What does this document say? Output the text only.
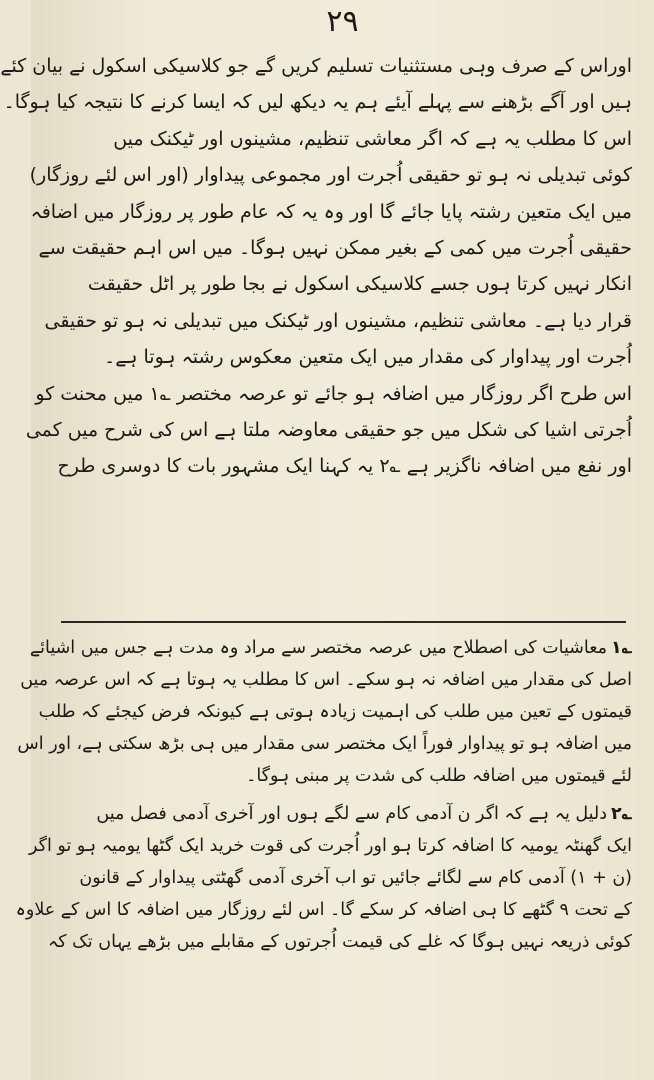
۲۹
اوراس کے صرف وہی مستثنیات تسلیم کریں گے جو کلاسیکی اسکول نے بیان کئے
ہیں اور آگے بڑھنے سے پہلے آیئے ہم یہ دیکھ لیں کہ ایسا کرنے کا نتیجہ کیا ہوگا۔
اس کا مطلب یہ ہے کہ اگر معاشی تنظیم، مشینوں اور ٹیکنک میں
کوئی تبدیلی نہ ہو تو حقیقی اُجرت اور مجموعی پیداوار (اور اس لئے روزگار)
میں ایک متعین رشتہ پایا جائے گا اور وہ یہ کہ عام طور پر روزگار میں اضافہ
حقیقی اُجرت میں کمی کے بغیر ممکن نہیں ہوگا۔ میں اس اہم حقیقت سے
انکار نہیں کرتا ہوں جسے کلاسیکی اسکول نے بجا طور پر اٹل حقیقت
قرار دیا ہے۔ معاشی تنظیم، مشینوں اور ٹیکنک میں تبدیلی نہ ہو تو حقیقی
اُجرت اور پیداوار کی مقدار میں ایک متعین معکوس رشتہ ہوتا ہے۔
اس طرح اگر روزگار میں اضافہ ہو جائے تو عرصہ مختصر ؎۱ میں محنت کو
اُجرتی اشیا کی شکل میں جو حقیقی معاوضہ ملتا ہے اس کی شرح میں کمی
اور نفع میں اضافہ ناگزیر ہے ؎۲ یہ کہنا ایک مشہور بات کا دوسری طرح
؎۱معاشیات کی اصطلاح میں عرصہ مختصر سے مراد وہ مدت ہے جس میں اشیائے
اصل کی مقدار میں اضافہ نہ ہو سکے۔ اس کا مطلب یہ ہوتا ہے کہ اس عرصہ میں
قیمتوں کے تعین میں طلب کی اہمیت زیادہ ہوتی ہے کیونکہ فرض کیجئے کہ طلب
میں اضافہ ہو تو پیداوار فوراً ایک مختصر سی مقدار میں ہی بڑھ سکتی ہے، اور اس
لئے قیمتوں میں اضافہ طلب کی شدت پر مبنی ہوگا۔
؎۲دلیل یہ ہے کہ اگر ن آدمی کام سے لگے ہوں اور آخری آدمی فصل میں
ایک گھنٹہ یومیہ کا اضافہ کرتا ہو اور اُجرت کی قوت خرید ایک گٹھا یومیہ ہو تو اگر
(ن + ۱) آدمی کام سے لگائے جائیں تو اب آخری آدمی گھٹتی پیداوار کے قانون
کے تحت ۹ گٹھے کا ہی اضافہ کر سکے گا۔ اس لئے روزگار میں اضافہ کا اس کے علاوہ
کوئی ذریعہ نہیں ہوگا کہ غلے کی قیمت اُجرتوں کے مقابلے میں بڑھے یہاں تک کہ
